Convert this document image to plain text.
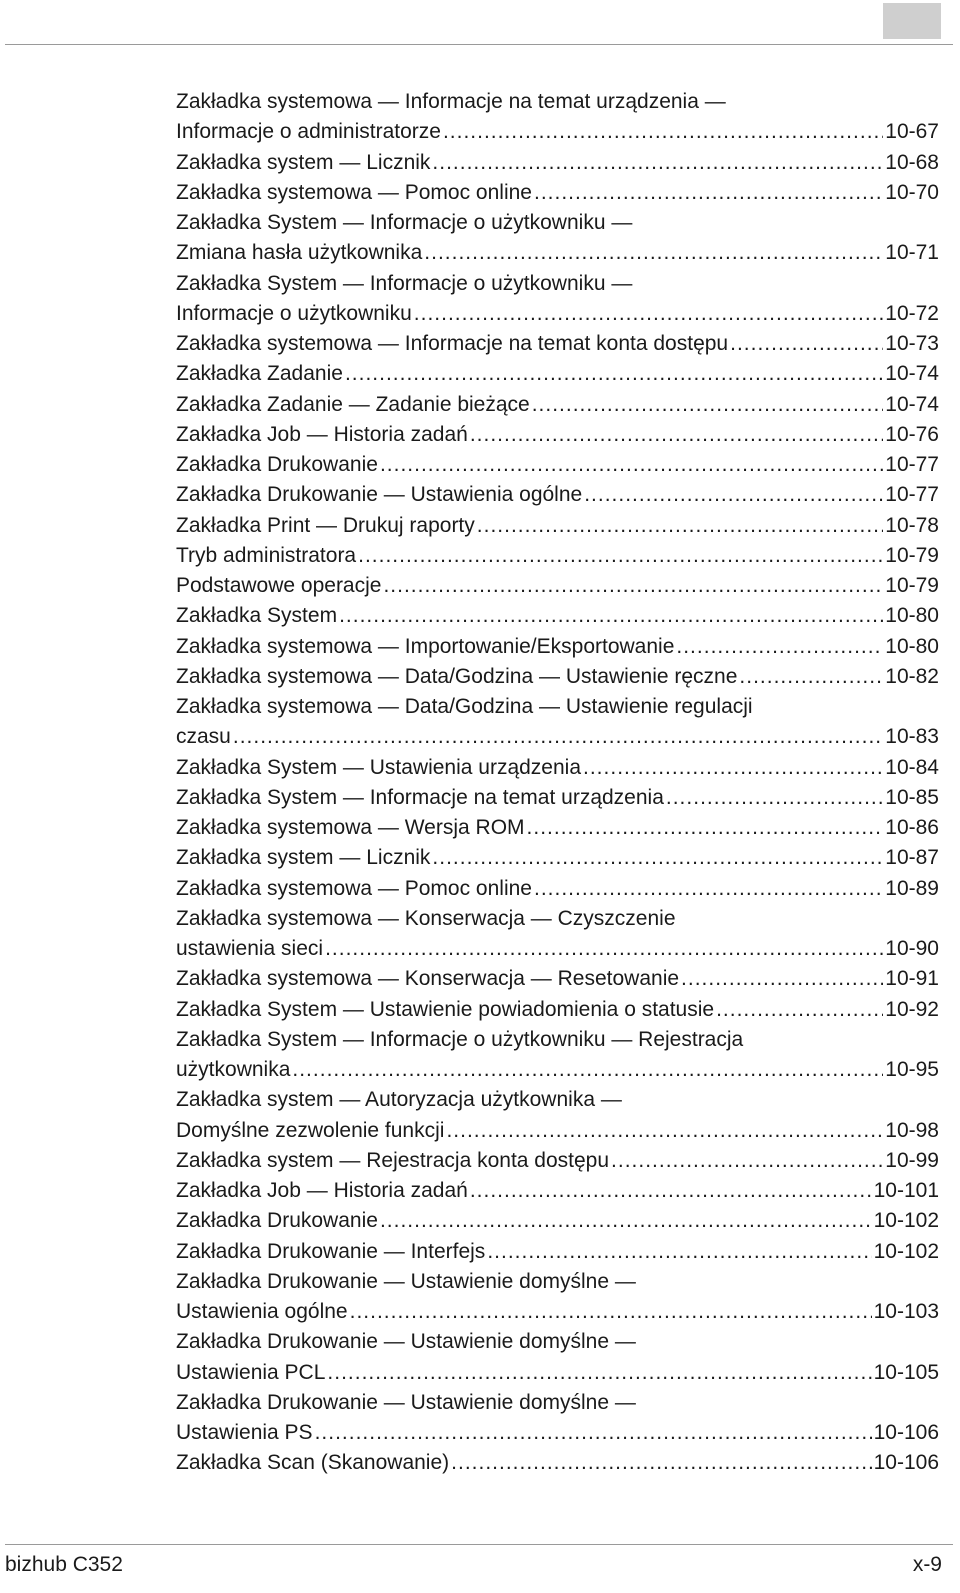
Zakładka systemowa — Informacje na temat urządzenia —
Informacje o administratorze .....	10-67
Zakładka system — Licznik .....	10-68
Zakładka systemowa — Pomoc online .....	10-70
Zakładka System — Informacje o użytkowniku —
Zmiana hasła użytkownika .....	10-71
Zakładka System — Informacje o użytkowniku —
Informacje o użytkowniku .....	10-72
Zakładka systemowa — Informacje na temat konta dostępu .....	10-73
Zakładka Zadanie .....	10-74
Zakładka Zadanie — Zadanie bieżące .....	10-74
Zakładka Job — Historia zadań .....	10-76
Zakładka Drukowanie .....	10-77
Zakładka Drukowanie — Ustawienia ogólne .....	10-77
Zakładka Print — Drukuj raporty .....	10-78
Tryb administratora .....	10-79
Podstawowe operacje .....	10-79
Zakładka System .....	10-80
Zakładka systemowa — Importowanie/Eksportowanie .....	10-80
Zakładka systemowa — Data/Godzina — Ustawienie ręczne .....	10-82
Zakładka systemowa — Data/Godzina — Ustawienie regulacji
czasu .....	10-83
Zakładka System — Ustawienia urządzenia .....	10-84
Zakładka System — Informacje na temat urządzenia .....	10-85
Zakładka systemowa — Wersja ROM .....	10-86
Zakładka system — Licznik .....	10-87
Zakładka systemowa — Pomoc online .....	10-89
Zakładka systemowa — Konserwacja — Czyszczenie
ustawienia sieci .....	10-90
Zakładka systemowa — Konserwacja — Resetowanie .....	10-91
Zakładka System — Ustawienie powiadomienia o statusie .....	10-92
Zakładka System — Informacje o użytkowniku — Rejestracja
użytkownika .....	10-95
Zakładka system — Autoryzacja użytkownika —
Domyślne zezwolenie funkcji .....	10-98
Zakładka system — Rejestracja konta dostępu .....	10-99
Zakładka Job — Historia zadań .....	10-101
Zakładka Drukowanie .....	10-102
Zakładka Drukowanie — Interfejs .....	10-102
Zakładka Drukowanie — Ustawienie domyślne —
Ustawienia ogólne .....	10-103
Zakładka Drukowanie — Ustawienie domyślne —
Ustawienia PCL .....	10-105
Zakładka Drukowanie — Ustawienie domyślne —
Ustawienia PS .....	10-106
Zakładka Scan (Skanowanie) .....	10-106
bizhub C352	x-9
